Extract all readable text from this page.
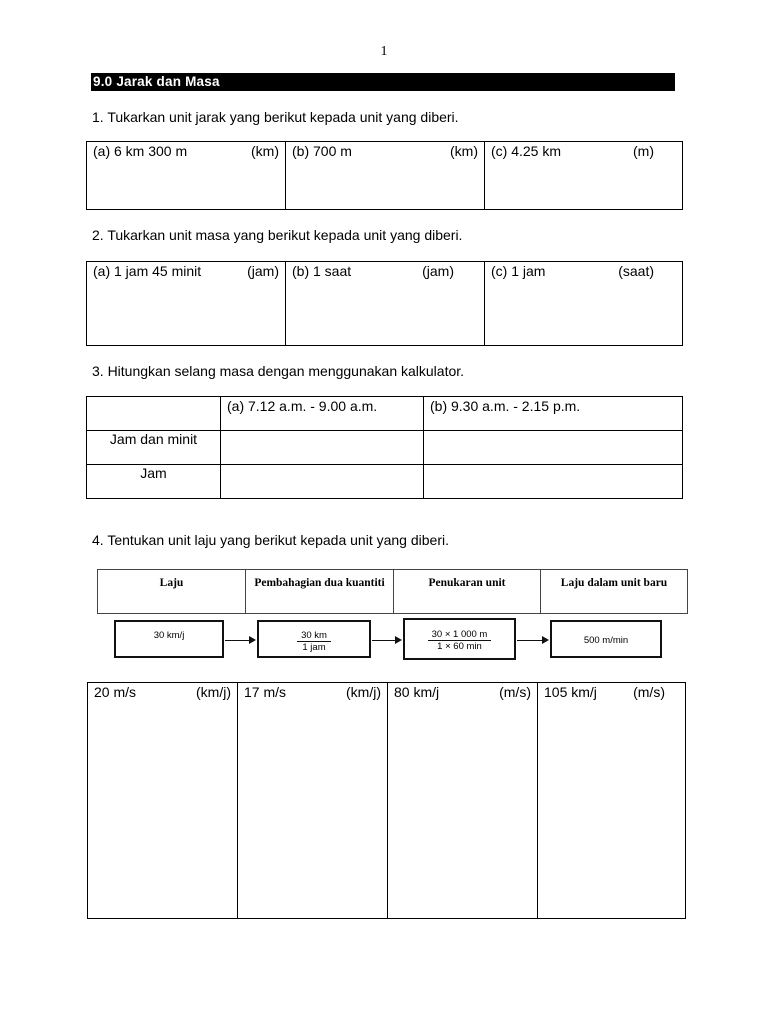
1
9.0 Jarak dan Masa
1. Tukarkan unit jarak yang berikut kepada unit yang diberi.
(a) 6 km 300 m	(km)	(b) 700 m	(km)	(c) 4.25 km	(m)
2. Tukarkan unit masa yang berikut kepada unit yang diberi.
(a) 1 jam 45 minit	(jam)	(b) 1 saat	(jam)	(c) 1 jam	(saat)
3. Hitungkan selang masa dengan menggunakan kalkulator.

	(a) 7.12 a.m. - 9.00 a.m.	(b) 9.30 a.m. - 2.15 p.m.

Jam dan minit		

Jam		

4. Tentukan unit laju yang berikut kepada unit yang diberi.
Laju	Pembahagian dua kuantiti	Penukaran unit	Laju dalam unit baru
30 km/j	$\frac{30 km}{\text{1 jam}}$	$\frac{30 \times 1 000 m}{1 \times 60 \min}$	500 m/min
20 m/s	(km/j)	17 m/s	(km/j)	80 km/j	(m/s)	105 km/j	(m/s)
